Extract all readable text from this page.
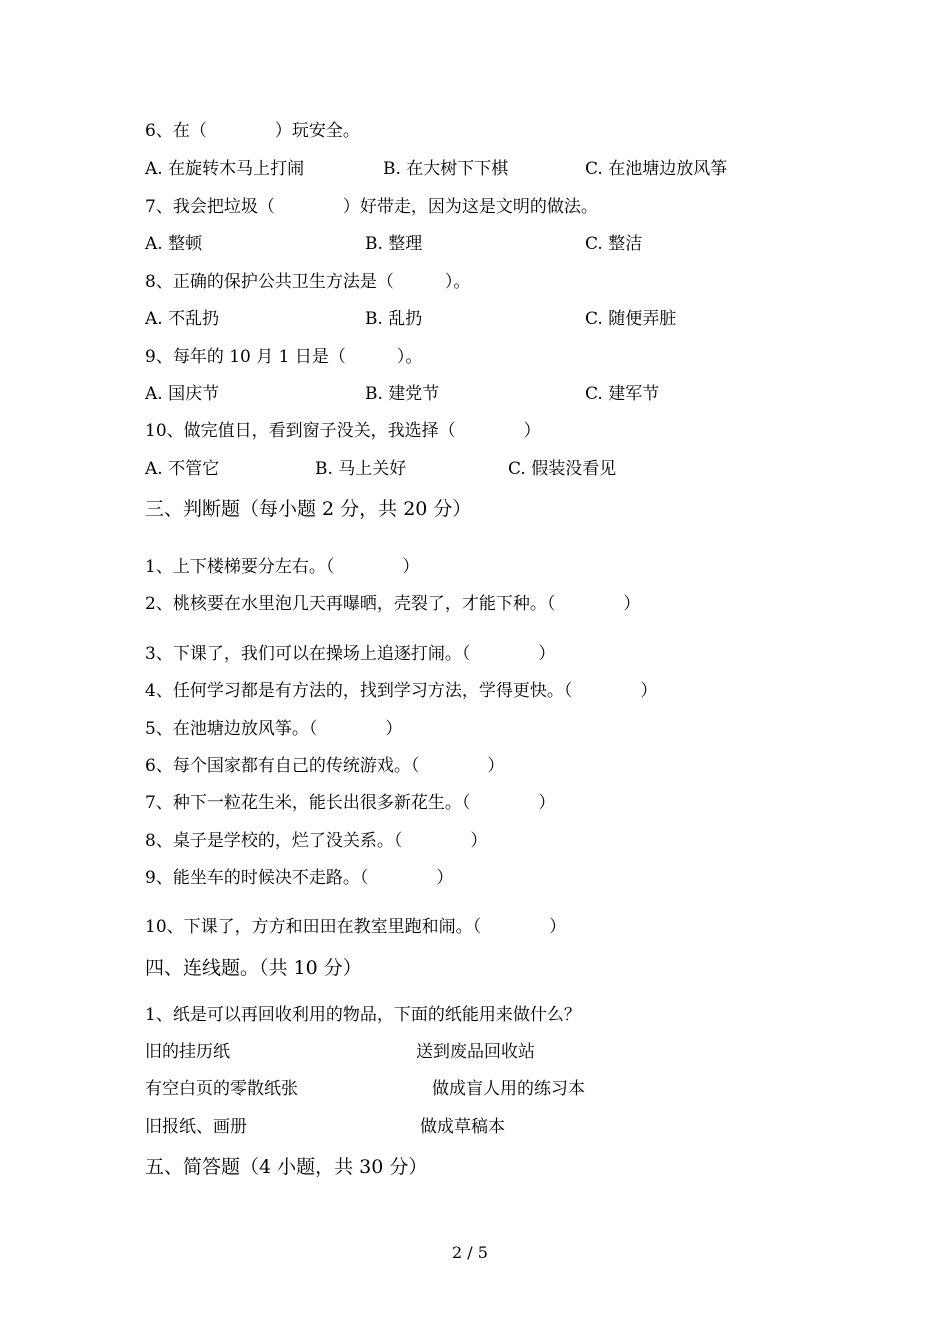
6、在（　　　　）玩安全。
A. 在旋转木马上打闹	B. 在大树下下棋	C. 在池塘边放风筝
7、我会把垃圾（　　　　）好带走，因为这是文明的做法。
A. 整顿	B. 整理	C. 整洁
8、正确的保护公共卫生方法是（　　　）。
A. 不乱扔	B. 乱扔	C. 随便弄脏
9、每年的 10 月 1 日是（　　　）。
A. 国庆节	B. 建党节	C. 建军节
10、做完值日，看到窗子没关，我选择（　　　　）
A. 不管它	B. 马上关好	C. 假装没看见
三、判断题（每小题 2 分，共 20 分）
1、上下楼梯要分左右。（　　　　）
2、桃核要在水里泡几天再曝晒，壳裂了，才能下种。（　　　　）
3、下课了，我们可以在操场上追逐打闹。（　　　　）
4、任何学习都是有方法的，找到学习方法，学得更快。（　　　　）
5、在池塘边放风筝。（　　　　）
6、每个国家都有自己的传统游戏。（　　　　）
7、种下一粒花生米，能长出很多新花生。（　　　　）
8、桌子是学校的，烂了没关系。（　　　　）
9、能坐车的时候决不走路。（　　　　）
10、下课了，方方和田田在教室里跑和闹。（　　　　）
四、连线题。（共 10 分）
1、纸是可以再回收利用的物品，下面的纸能用来做什么？
旧的挂历纸	送到废品回收站
有空白页的零散纸张	做成盲人用的练习本
旧报纸、画册	做成草稿本
五、简答题（4 小题，共 30 分）
2 / 5
